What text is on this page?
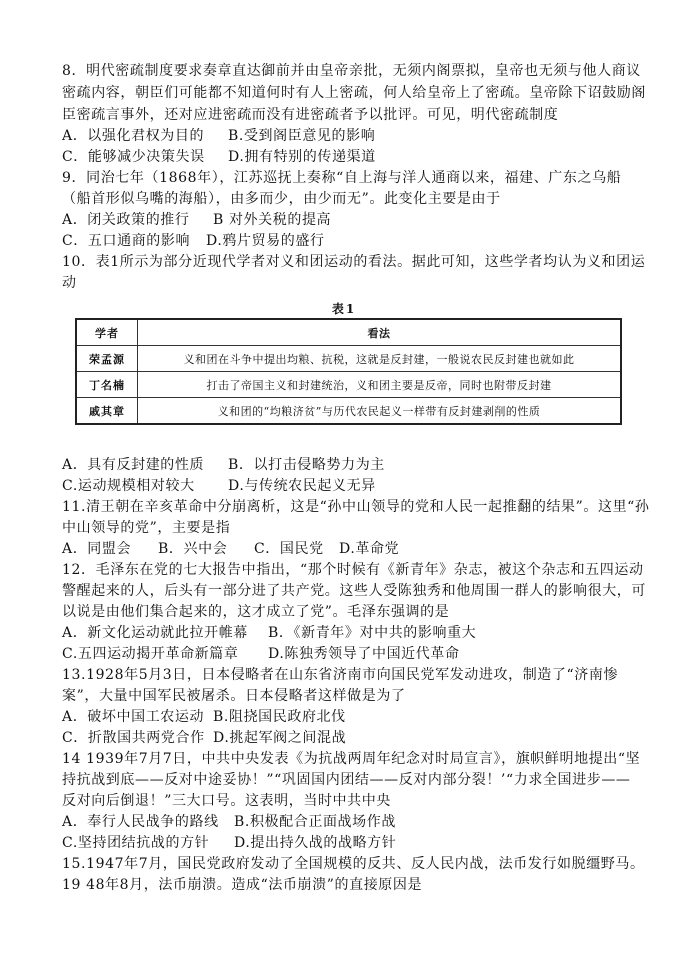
8．明代密疏制度要求奏章直达御前并由皇帝亲批，无须内阁票拟，皇帝也无须与他人商议
密疏内容，朝臣们可能都不知道何时有人上密疏，何人给皇帝上了密疏。皇帝除下诏鼓励阁
臣密疏言事外，还对应进密疏而没有进密疏者予以批评。可见，明代密疏制度
A．以强化君权为目的 B.受到阁臣意见的影响
C．能够减少决策失误 D.拥有特别的传递渠道
9．同治七年（1868年），江苏巡抚上奏称“自上海与洋人通商以来，福建、广东之乌船
（船首形似乌嘴的海船），由多而少，由少而无”。此变化主要是由于
A．闭关政策的推行 B 对外关税的提高
C．五口通商的影响 D.鸦片贸易的盛行
10．表1所示为部分近现代学者对义和团运动的看法。据此可知，这些学者均认为义和团运
动
表1
学者	看法
荣孟源	义和团在斗争中提出均粮、抗税，这就是反封建，一般说农民反封建也就如此
丁名楠	打击了帝国主义和封建统治，义和团主要是反帝，同时也附带反封建
戚其章	义和团的“均粮济贫”与历代农民起义一样带有反封建剥削的性质
A．具有反封建的性质 B．以打击侵略势力为主
C.运动规模相对较大 D.与传统农民起义无异
11.清王朝在辛亥革命中分崩离析，这是“孙中山领导的党和人民一起推翻的结果”。这里“孙
中山领导的党”，主要是指
A．同盟会 B．兴中会 C．国民党 D.革命党
12．毛泽东在党的七大报告中指出，“那个时候有《新青年》杂志，被这个杂志和五四运动
警醒起来的人，后头有一部分进了共产党。这些人受陈独秀和他周围一群人的影响很大，可
以说是由他们集合起来的，这才成立了党”。毛泽东强调的是
A．新文化运动就此拉开帷幕 B．《新青年》对中共的影响重大
C.五四运动揭开革命新篇章 D.陈独秀领导了中国近代革命
13.1928年5月3日，日本侵略者在山东省济南市向国民党军发动进攻，制造了“济南惨
案”，大量中国军民被屠杀。日本侵略者这样做是为了
A．破坏中国工农运动 B.阻挠国民政府北伐
C．折散国共两党合作 D.挑起军阀之间混战
14 1939年7月7日，中共中央发表《为抗战两周年纪念对时局宣言》，旗帜鲜明地提出“坚
持抗战到底——反对中途妥协！”“巩固国内团结——反对内部分裂！’“力求全国进步——
反对向后倒退！”三大口号。这表明，当时中共中央
A．奉行人民战争的路线 B.积极配合正面战场作战
C.坚持团结抗战的方针 D.提出持久战的战略方针
15.1947年7月，国民党政府发动了全国规模的反共、反人民内战，法币发行如脱缰野马。
19 48年8月，法币崩溃。造成“法币崩溃”的直接原因是
